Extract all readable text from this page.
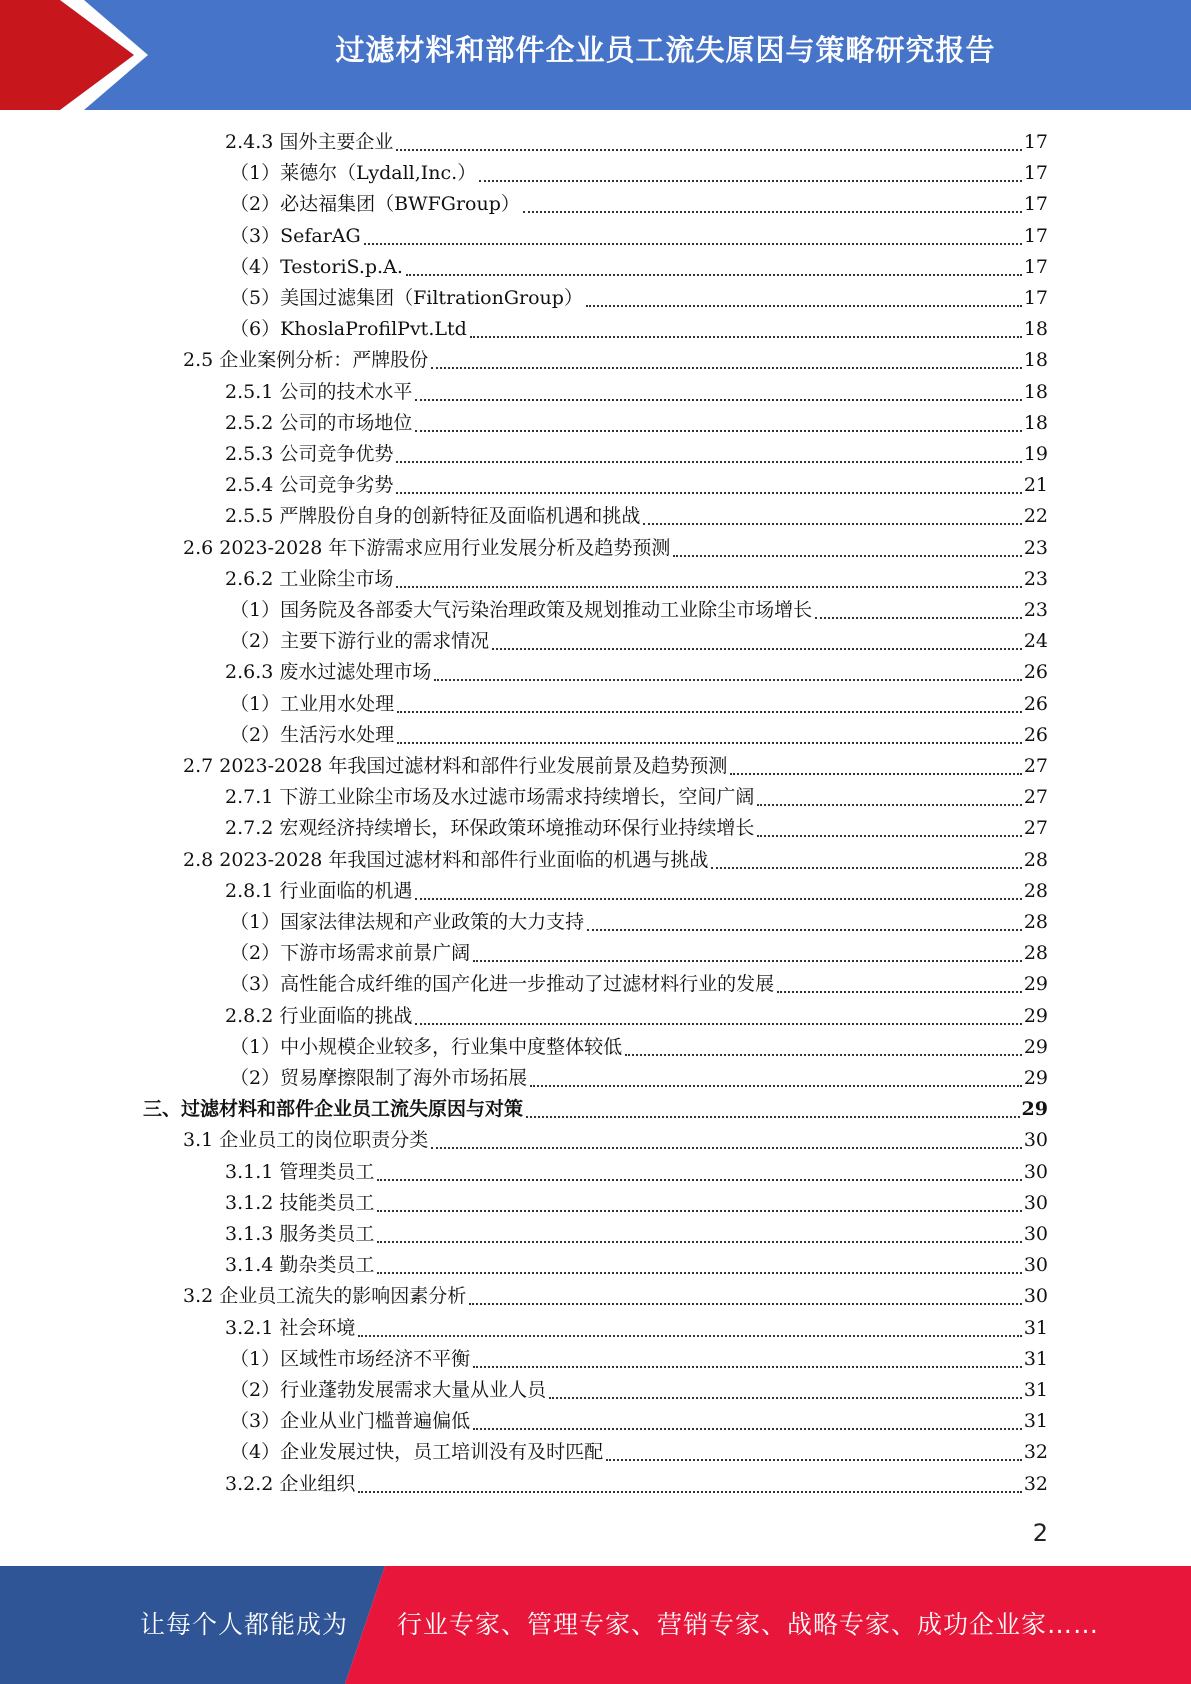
过滤材料和部件企业员工流失原因与策略研究报告
2.4.3 国外主要企业	17
（1）莱德尔（Lydall,Inc.）	17
（2）必达福集团（BWFGroup）	17
（3）SefarAG	17
（4）TestoriS.p.A.	17
（5）美国过滤集团（FiltrationGroup）	17
（6）KhoslaProfilPvt.Ltd	18
2.5 企业案例分析：严牌股份	18
2.5.1 公司的技术水平	18
2.5.2 公司的市场地位	18
2.5.3 公司竞争优势	19
2.5.4 公司竞争劣势	21
2.5.5 严牌股份自身的创新特征及面临机遇和挑战	22
2.6 2023-2028 年下游需求应用行业发展分析及趋势预测	23
2.6.2 工业除尘市场	23
（1）国务院及各部委大气污染治理政策及规划推动工业除尘市场增长	23
（2）主要下游行业的需求情况	24
2.6.3 废水过滤处理市场	26
（1）工业用水处理	26
（2）生活污水处理	26
2.7 2023-2028 年我国过滤材料和部件行业发展前景及趋势预测	27
2.7.1 下游工业除尘市场及水过滤市场需求持续增长，空间广阔	27
2.7.2 宏观经济持续增长，环保政策环境推动环保行业持续增长	27
2.8 2023-2028 年我国过滤材料和部件行业面临的机遇与挑战	28
2.8.1 行业面临的机遇	28
（1）国家法律法规和产业政策的大力支持	28
（2）下游市场需求前景广阔	28
（3）高性能合成纤维的国产化进一步推动了过滤材料行业的发展	29
2.8.2 行业面临的挑战	29
（1）中小规模企业较多，行业集中度整体较低	29
（2）贸易摩擦限制了海外市场拓展	29
三、过滤材料和部件企业员工流失原因与对策	29
3.1 企业员工的岗位职责分类	30
3.1.1 管理类员工	30
3.1.2 技能类员工	30
3.1.3 服务类员工	30
3.1.4 勤杂类员工	30
3.2 企业员工流失的影响因素分析	30
3.2.1 社会环境	31
（1）区域性市场经济不平衡	31
（2）行业蓬勃发展需求大量从业人员	31
（3）企业从业门槛普遍偏低	31
（4）企业发展过快，员工培训没有及时匹配	32
3.2.2 企业组织	32
2
让每个人都能成为 行业专家、管理专家、营销专家、战略专家、成功企业家……
